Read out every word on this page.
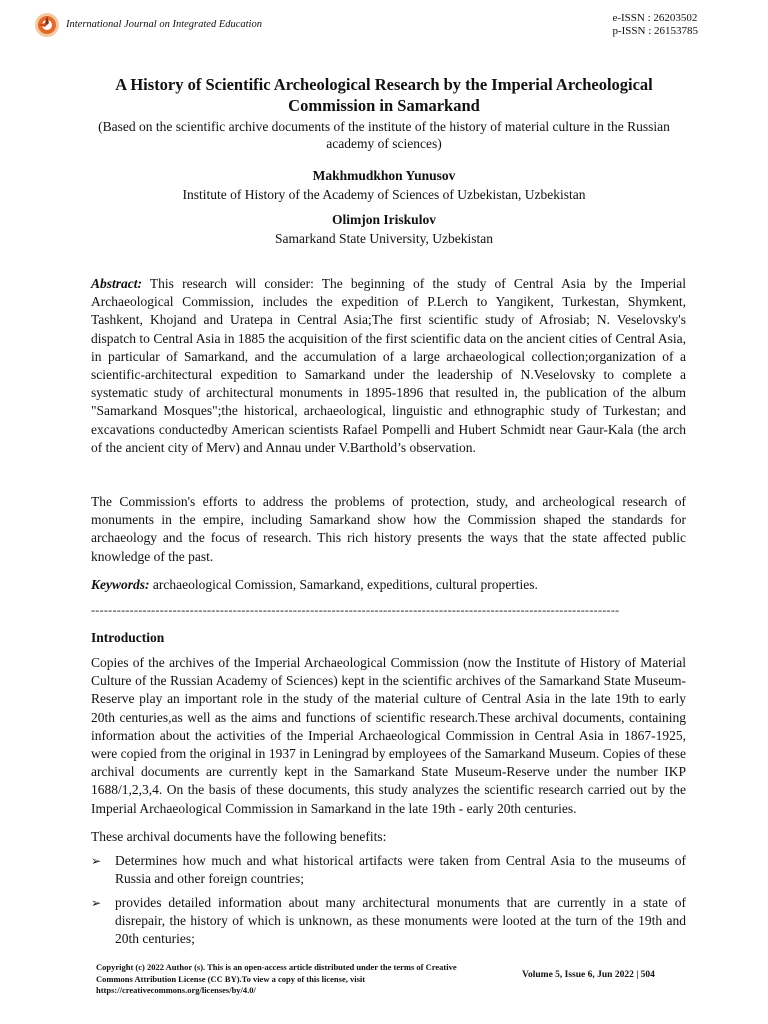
International Journal on Integrated Education
e-ISSN : 26203502
p-ISSN : 26153785
A History of Scientific Archeological Research by the Imperial Archeological Commission in Samarkand

(Based on the scientific archive documents of the institute of the history of material culture in the Russian academy of sciences)

Makhmudkhon Yunusov
Institute of History of the Academy of Sciences of Uzbekistan, Uzbekistan
Olimjon Iriskulov
Samarkand State University, Uzbekistan

Abstract: This research will consider: The beginning of the study of Central Asia by the Imperial Archaeological Commission, includes the expedition of P.Lerch to Yangikent, Turkestan, Shymkent, Tashkent, Khojand and Uratepa in Central Asia;The first scientific study of Afrosiab; N. Veselovsky's dispatch to Central Asia in 1885 the acquisition of the first scientific data on the ancient cities of Central Asia, in particular of Samarkand, and the accumulation of a large archaeological collection;organization of a scientific-architectural expedition to Samarkand under the leadership of N.Veselovsky to complete a systematic study of architectural monuments in 1895-1896 that resulted in, the publication of the album "Samarkand Mosques";the historical, archaeological, linguistic and ethnographic study of Turkestan; and excavations conductedby American scientists Rafael Pompelli and Hubert Schmidt near Gaur-Kala (the arch of the ancient city of Merv) and Annau under V.Barthold’s observation.

The Commission's efforts to address the problems of protection, study, and archeological research of monuments in the empire, including Samarkand show how the Commission shaped the standards for archaeology and the focus of research. This rich history presents the ways that the state affected public knowledge of the past.

Keywords: archaeological Comission, Samarkand, expeditions, cultural properties.

---------------------------------------------------------------------------------------------------------------------------
Introduction

Copies of the archives of the Imperial Archaeological Commission (now the Institute of History of Material Culture of the Russian Academy of Sciences) kept in the scientific archives of the Samarkand State Museum-Reserve play an important role in the study of the material culture of Central Asia in the late 19th to early 20th centuries,as well as the aims and functions of scientific research.These archival documents, containing information about the activities of the Imperial Archaeological Commission in Central Asia in 1867-1925, were copied from the original in 1937 in Leningrad by employees of the Samarkand Museum. Copies of these archival documents are currently kept in the Samarkand State Museum-Reserve under the number IKP 1688/1,2,3,4. On the basis of these documents, this study analyzes the scientific research carried out by the Imperial Archaeological Commission in Samarkand in the late 19th - early 20th centuries.

These archival documents have the following benefits:

➢ Determines how much and what historical artifacts were taken from Central Asia to the museums of Russia and other foreign countries;
➢ provides detailed information about many architectural monuments that are currently in a state of disrepair, the history of which is unknown, as these monuments were looted at the turn of the 19th and 20th centuries;
Copyright (c) 2022 Author (s). This is an open-access article distributed under the terms of Creative Commons Attribution License (CC BY).To view a copy of this license, visit https://creativecommons.org/licenses/by/4.0/
Volume 5, Issue 6, Jun 2022 | 504
